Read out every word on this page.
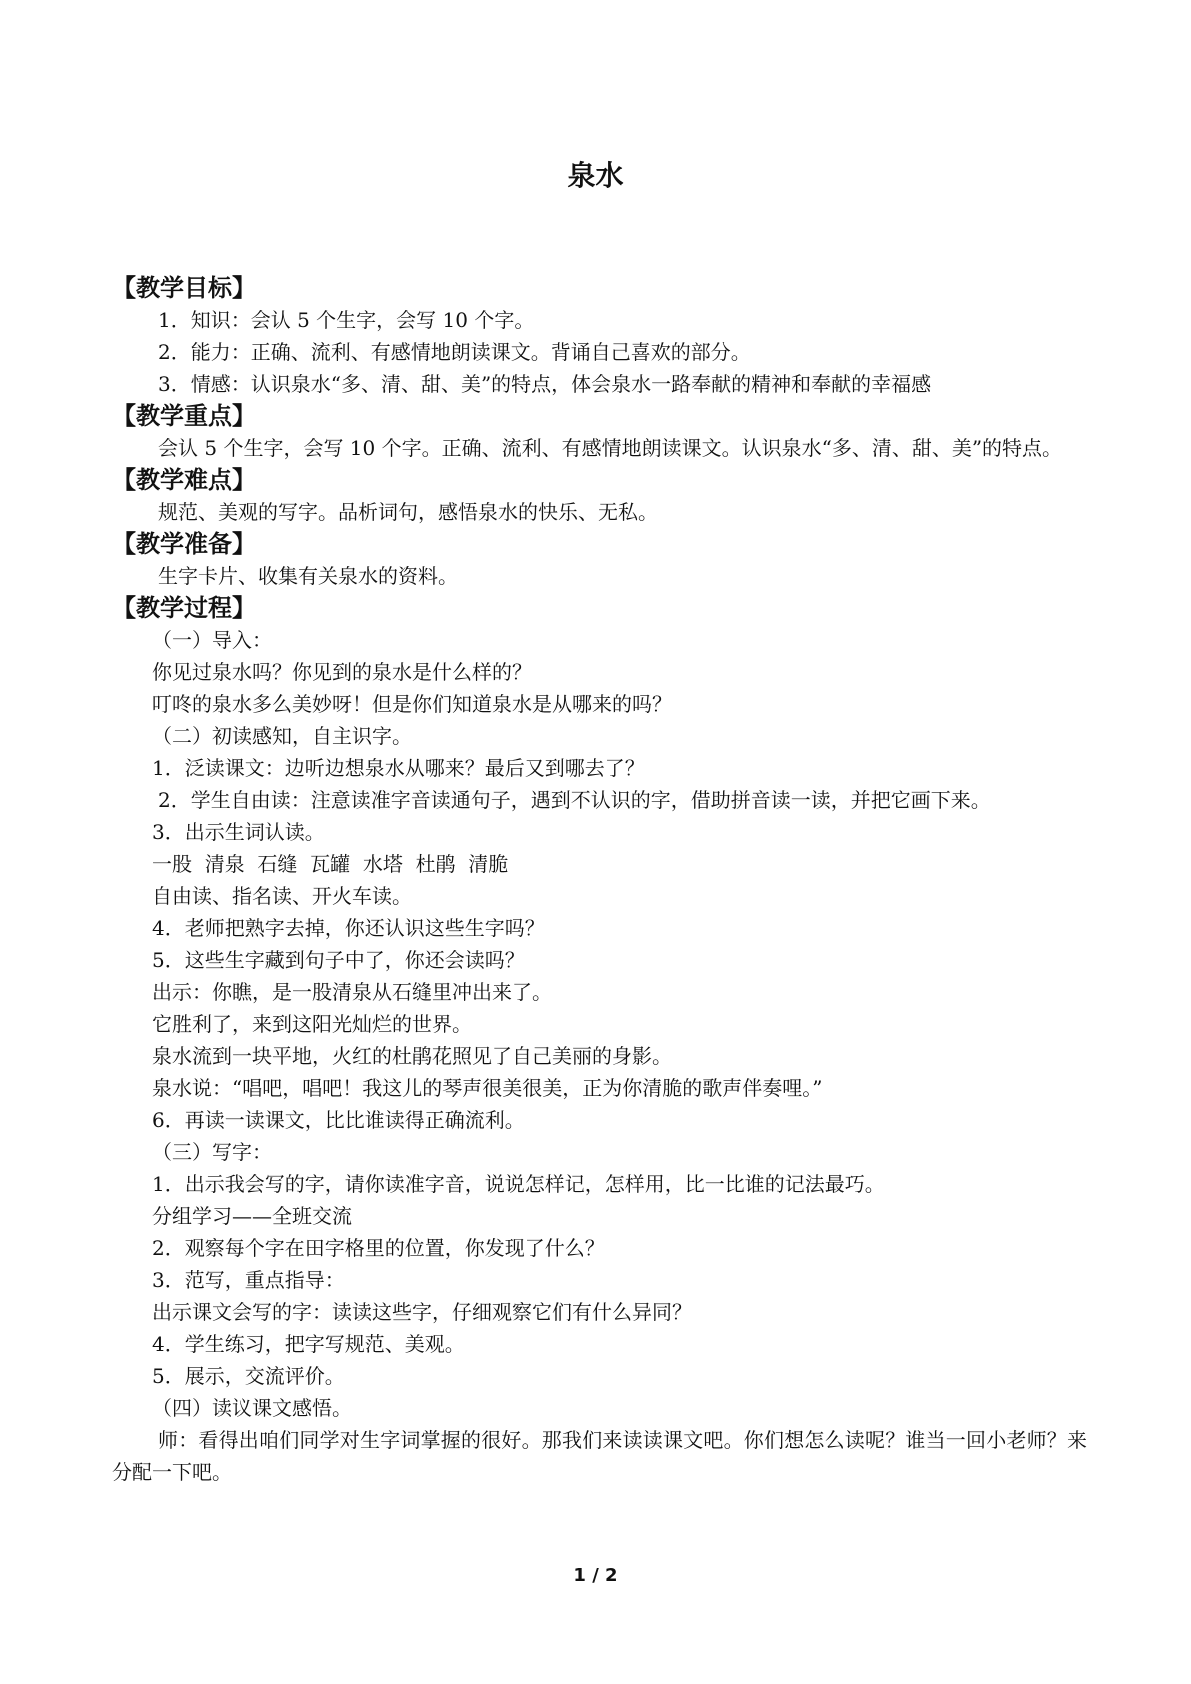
泉水
【教学目标】
1．知识：会认 5 个生字，会写 10 个字。
2．能力：正确、流利、有感情地朗读课文。背诵自己喜欢的部分。
3．情感：认识泉水“多、清、甜、美”的特点，体会泉水一路奉献的精神和奉献的幸福感
【教学重点】
会认 5 个生字，会写 10 个字。正确、流利、有感情地朗读课文。认识泉水“多、清、甜、美”的特点。
【教学难点】
规范、美观的写字。品析词句，感悟泉水的快乐、无私。
【教学准备】
生字卡片、收集有关泉水的资料。
【教学过程】
（一）导入：
你见过泉水吗？你见到的泉水是什么样的？
叮咚的泉水多么美妙呀！但是你们知道泉水是从哪来的吗？
（二）初读感知，自主识字。
1．泛读课文：边听边想泉水从哪来？最后又到哪去了？
2．学生自由读：注意读准字音读通句子，遇到不认识的字，借助拼音读一读，并把它画下来。
3．出示生词认读。
一股  清泉  石缝  瓦罐  水塔  杜鹃  清脆
自由读、指名读、开火车读。
4．老师把熟字去掉，你还认识这些生字吗？
5．这些生字藏到句子中了，你还会读吗？
出示：你瞧，是一股清泉从石缝里冲出来了。
它胜利了，来到这阳光灿烂的世界。
泉水流到一块平地，火红的杜鹃花照见了自己美丽的身影。
泉水说：“唱吧，唱吧！我这儿的琴声很美很美，正为你清脆的歌声伴奏哩。”
6．再读一读课文，比比谁读得正确流利。
（三）写字：
1．出示我会写的字，请你读准字音，说说怎样记，怎样用，比一比谁的记法最巧。
分组学习——全班交流
2．观察每个字在田字格里的位置，你发现了什么？
3．范写，重点指导：
出示课文会写的字：读读这些字，仔细观察它们有什么异同？
4．学生练习，把字写规范、美观。
5．展示，交流评价。
（四）读议课文感悟。
师：看得出咱们同学对生字词掌握的很好。那我们来读读课文吧。你们想怎么读呢？谁当一回小老师？来分配一下吧。
1 / 2
